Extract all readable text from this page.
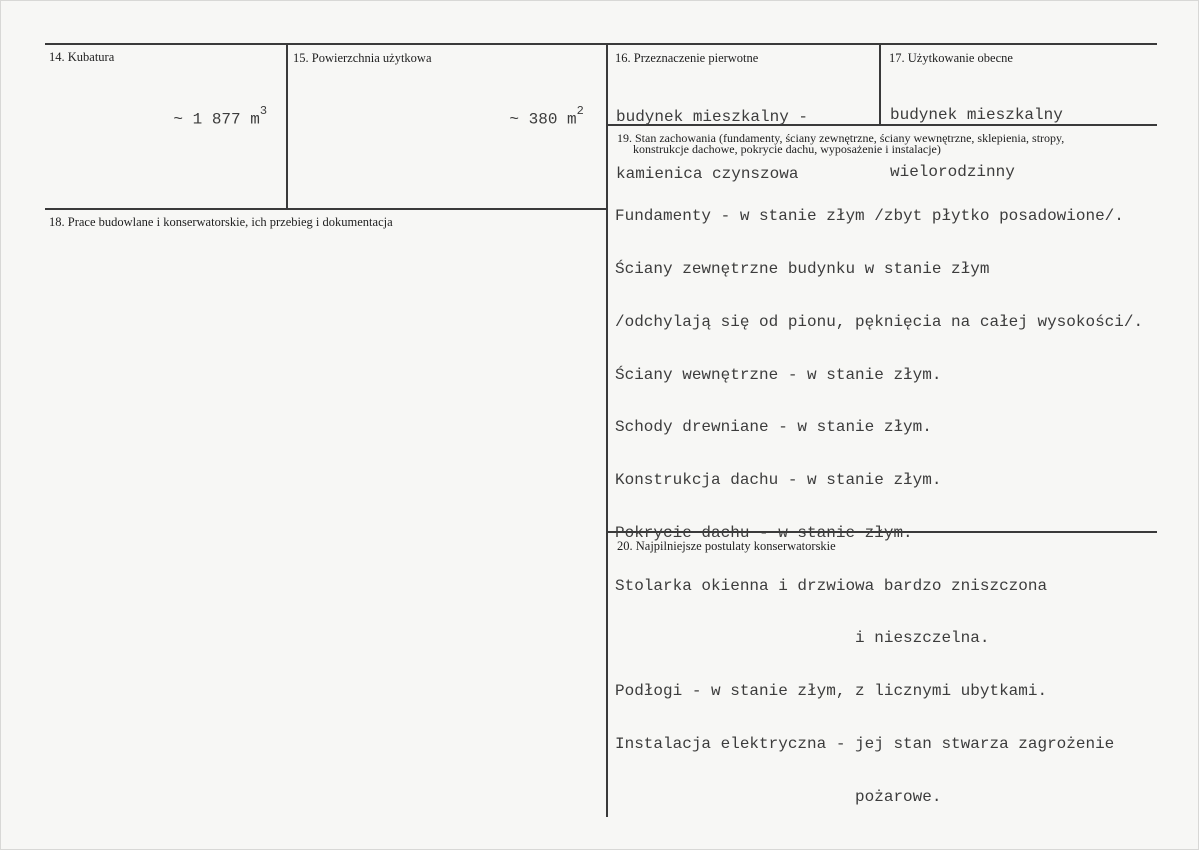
14. Kubatura

~ 1 877 $m^3$

15. Powierzchnia użytkowa

~ 380 $m^2$

16. Przeznaczenie pierwotne

budynek mieszkalny -

kamienica czynszowa

17. Użytkowanie obecne

budynek mieszkalny

wielorodzinny

19. Stan zachowania (fundamenty, ściany zewnętrzne, ściany wewnętrzne, sklepienia, stropy,
konstrukcje dachowe, pokrycie dachu, wyposażenie i instalacje)

Fundamenty - w stanie złym /zbyt płytko posadowione/.

Ściany zewnętrzne budynku w stanie złym

/odchylają się od pionu, pęknięcia na całej wysokości/.

Ściany wewnętrzne - w stanie złym.

Schody drewniane - w stanie złym.

Konstrukcja dachu - w stanie złym.

Pokrycie dachu - w stanie złym.

Stolarka okienna i drzwiowa bardzo zniszczona

i nieszczelna.

Podłogi - w stanie złym, z licznymi ubytkami.

Instalacja elektryczna - jej stan stwarza zagrożenie

pożarowe.

18. Prace budowlane i konserwatorskie, ich przebieg i dokumentacja
20. Najpilniejsze postulaty konserwatorskie
